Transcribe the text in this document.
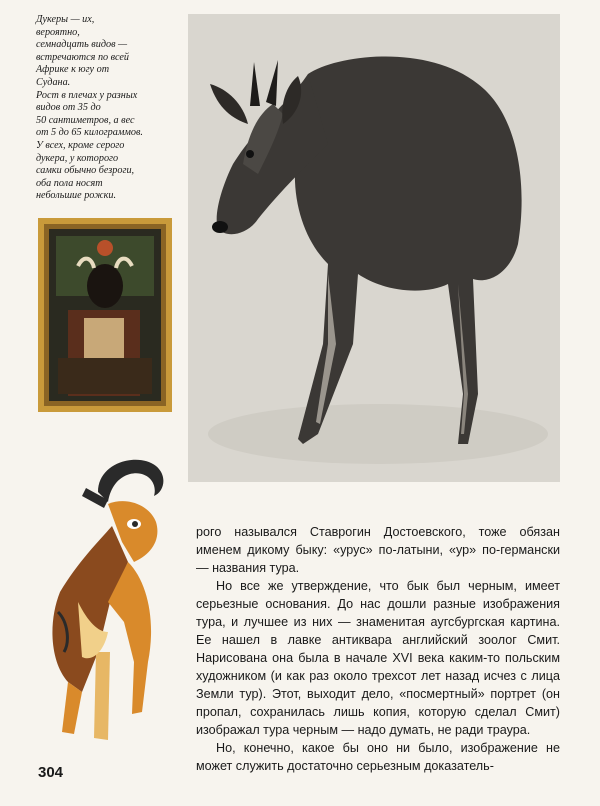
Дукеры — их,
вероятно,
семнадцать видов —
встречаются по всей
Африке к югу от
Судана.
Рост в плечах у разных
видов от 35 до
50 сантиметров, а вес
от 5 до 65 килограммов.
У всех, кроме серого
дукера, у которого
самки обычно безроги,
оба пола носят
небольшие рожки.

рого назывался Ставрогин Достоевского, тоже обязан именем дикому быку: «урус» по-латыни, «ур» по-германски — названия тура.

Но все же утверждение, что бык был черным, имеет серьезные основания. До нас дошли разные изображения тура, и лучшее из них — знаменитая аугсбургская картина. Ее нашел в лавке антиквара английский зоолог Смит. Нарисована она была в начале XVI века каким-то польским художником (и как раз около трехсот лет назад исчез с лица Земли тур). Этот, выходит дело, «посмертный» портрет (он пропал, сохранилась лишь копия, которую сделал Смит) изображал тура черным — надо думать, не ради траура.

Но, конечно, какое бы оно ни было, изображение не может служить достаточно серьезным доказатель-

304
